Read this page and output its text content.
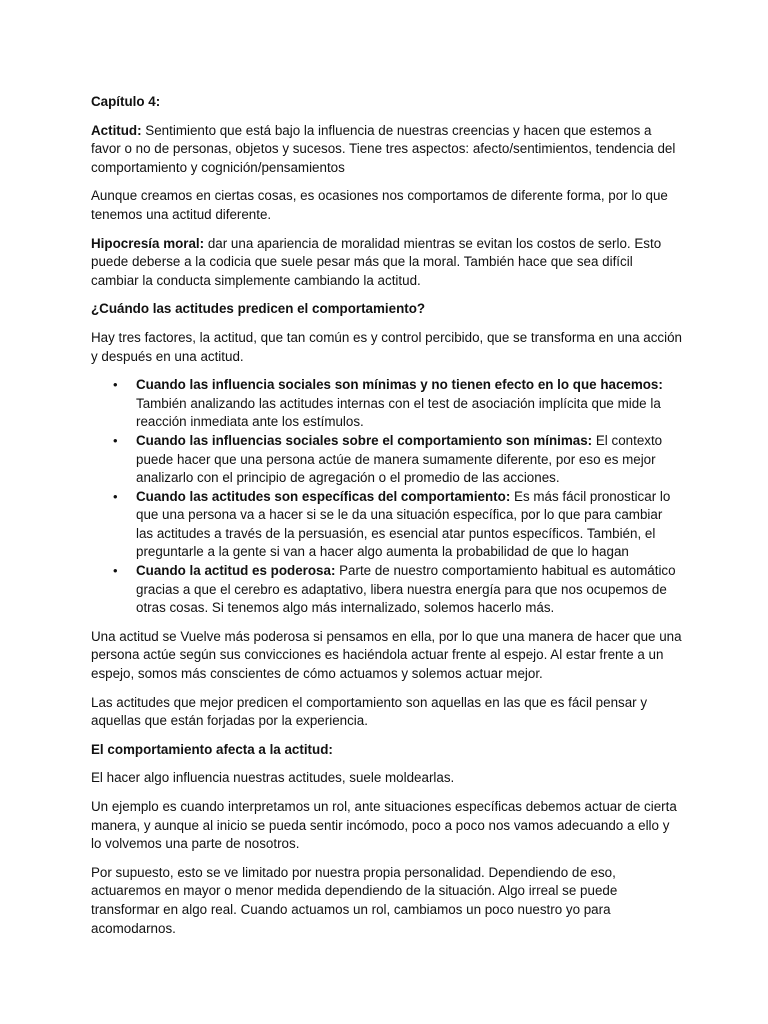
Capítulo 4:

Actitud: Sentimiento que está bajo la influencia de nuestras creencias y hacen que estemos a favor o no de personas, objetos y sucesos. Tiene tres aspectos: afecto/sentimientos, tendencia del comportamiento y cognición/pensamientos

Aunque creamos en ciertas cosas, es ocasiones nos comportamos de diferente forma, por lo que tenemos una actitud diferente.

Hipocresía moral: dar una apariencia de moralidad mientras se evitan los costos de serlo. Esto puede deberse a la codicia que suele pesar más que la moral. También hace que sea difícil cambiar la conducta simplemente cambiando la actitud.

¿Cuándo las actitudes predicen el comportamiento?

Hay tres factores, la actitud, que tan común es y control percibido, que se transforma en una acción y después en una actitud.

• Cuando las influencia sociales son mínimas y no tienen efecto en lo que hacemos: También analizando las actitudes internas con el test de asociación implícita que mide la reacción inmediata ante los estímulos.
• Cuando las influencias sociales sobre el comportamiento son mínimas: El contexto puede hacer que una persona actúe de manera sumamente diferente, por eso es mejor analizarlo con el principio de agregación o el promedio de las acciones.
• Cuando las actitudes son específicas del comportamiento: Es más fácil pronosticar lo que una persona va a hacer si se le da una situación específica, por lo que para cambiar las actitudes a través de la persuasión, es esencial atar puntos específicos. También, el preguntarle a la gente si van a hacer algo aumenta la probabilidad de que lo hagan
• Cuando la actitud es poderosa: Parte de nuestro comportamiento habitual es automático gracias a que el cerebro es adaptativo, libera nuestra energía para que nos ocupemos de otras cosas. Si tenemos algo más internalizado, solemos hacerlo más.

Una actitud se Vuelve más poderosa si pensamos en ella, por lo que una manera de hacer que una persona actúe según sus convicciones es haciéndola actuar frente al espejo. Al estar frente a un espejo, somos más conscientes de cómo actuamos y solemos actuar mejor.

Las actitudes que mejor predicen el comportamiento son aquellas en las que es fácil pensar y aquellas que están forjadas por la experiencia.

El comportamiento afecta a la actitud:

El hacer algo influencia nuestras actitudes, suele moldearlas.

Un ejemplo es cuando interpretamos un rol, ante situaciones específicas debemos actuar de cierta manera, y aunque al inicio se pueda sentir incómodo, poco a poco nos vamos adecuando a ello y lo volvemos una parte de nosotros.

Por supuesto, esto se ve limitado por nuestra propia personalidad. Dependiendo de eso, actuaremos en mayor o menor medida dependiendo de la situación. Algo irreal se puede transformar en algo real. Cuando actuamos un rol, cambiamos un poco nuestro yo para acomodarnos.
